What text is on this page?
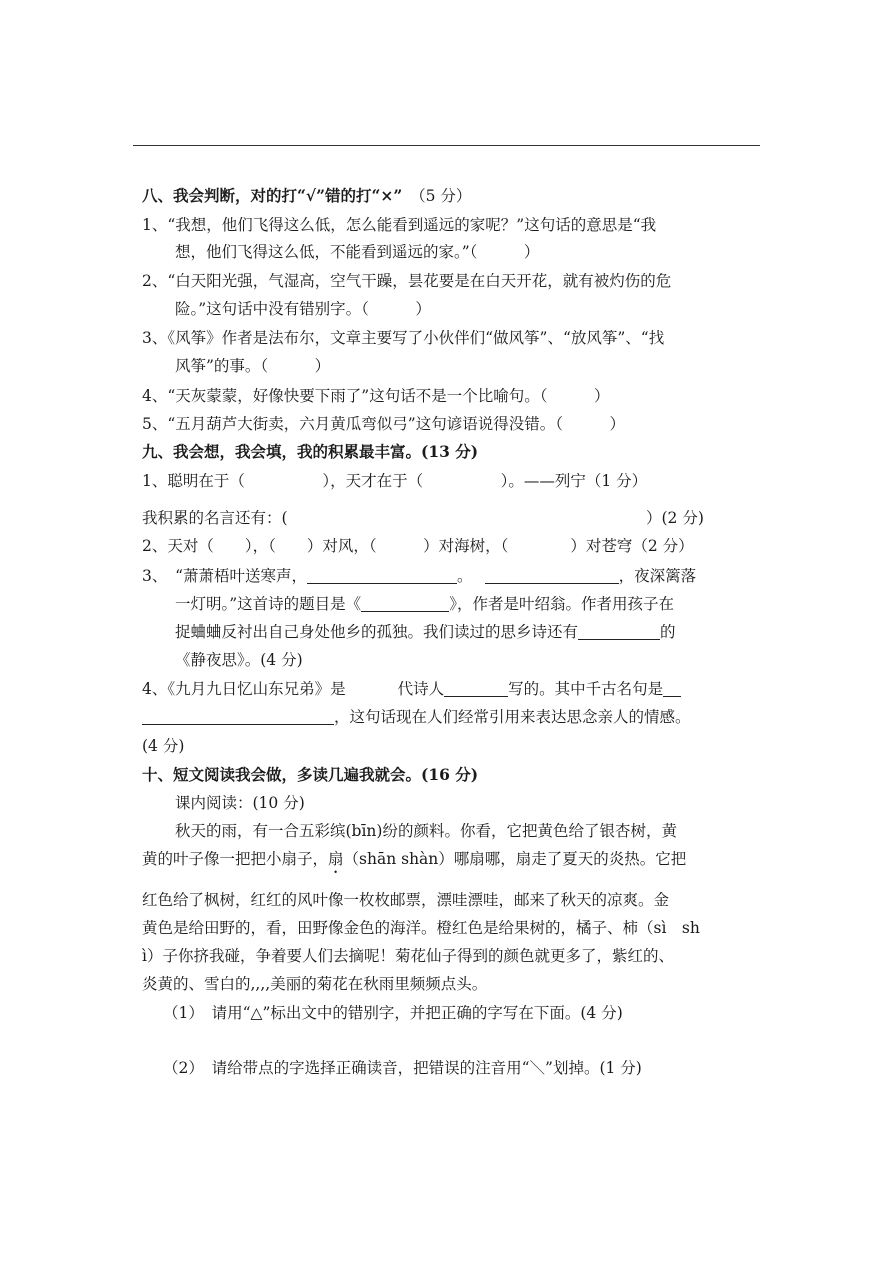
八、我会判断，对的打“√”错的打“×”　 （5 分）
1、“我想，他们飞得这么低，怎么能看到遥远的家呢？”这句话的意思是“我
想，他们飞得这么低，不能看到遥远的家。”（　　　）
2、“白天阳光强，气湿高，空气干躁，昙花要是在白天开花，就有被灼伤的危
险。”这句话中没有错别字。（　　　）
3、《风筝》作者是法布尔，文章主要写了小伙伴们“做风筝”、“放风筝”、“找
风筝”的事。（　　　）
4、“天灰蒙蒙，好像快要下雨了”这句话不是一个比喻句。（　　　）
5、“五月葫芦大街卖，六月黄瓜弯似弓”这句谚语说得没错。（　　　）
九、我会想，我会填，我的积累最丰富。(13 分)
1、聪明在于（　　　　　），天才在于（　　　　　）。——列宁（1 分）
我积累的名言还有：(	）(2 分)
2、天对（　　），（　　）对风，（　　　）对海树，（　　　　）对苍穹（2 分）
3、　“萧萧梧叶送寒声，	。	，夜深篱落
一灯明。”这首诗的题目是《	》，作者是叶绍翁。作者用孩子在
捉蛐蛐反衬出自己身处他乡的孤独。我们读过的思乡诗还有	的
《静夜思》。(4 分)
4、《九月九日忆山东兄弟》是	代诗人	写的。其中千古名句是
，这句话现在人们经常引用来表达思念亲人的情感。
(4 分)
十、短文阅读我会做，多读几遍我就会。(16 分)
课内阅读：(10 分)
秋天的雨，有一合五彩缤(bīn)纷的颜料。你看，它把黄色给了银杏树，黄
黄的叶子像一把把小扇子，扇（shān shàn）哪扇哪，扇走了夏天的炎热。它把
红色给了枫树，红红的风叶像一枚枚邮票，漂哇漂哇，邮来了秋天的凉爽。金
黄色是给田野的，看，田野像金色的海洋。橙红色是给果树的，橘子、柿（sì　sh
ì）子你挤我碰，争着要人们去摘呢！菊花仙子得到的颜色就更多了，紫红的、
炎黄的、雪白的,,,,美丽的菊花在秋雨里频频点头。
（1）　请用“△”标出文中的错别字，并把正确的字写在下面。(4 分)
（2）　请给带点的字选择正确读音，把错误的注音用“＼”划掉。(1 分)
